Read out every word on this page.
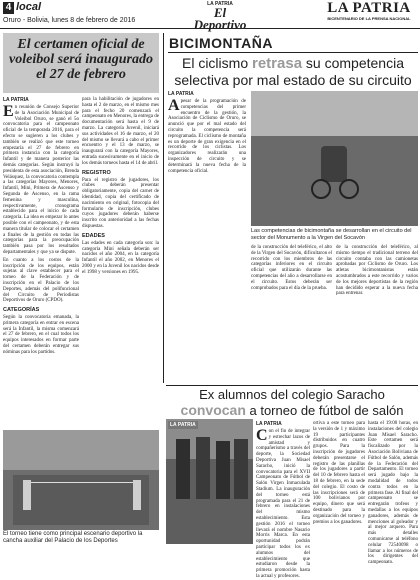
4 local
Oruro - Bolivia, lunes 8 de febrero de 2016
LA PATRIA
El Deportivo
LA PATRIA
BICENTENARIO DE LA PRENSA NACIONAL
El certamen oficial de voleibol será inaugurado el 27 de febrero
LA PATRIA
E n reunión de Consejo Superior de la Asociación Municipal de Voleibol Oruro, se ganó el 5o convocatoria para el campeonato oficial de la temporada 2016, para el efecto se sugieren a los clubes y también se realizó que este torneo empezaría el 27 de febrero en primera instancia con la categoría Infantil y de manera posterior las demás categorías. Según instruyó la presidenta de esta asociación, Brenda Velásquez, la convocatoria contempla a las categorías Mayores, Menores, Infantil, Mini, Primera de Ascenso y Segunda de Ascenso, en la rama femenina y masculina, respectivamente, cronograma establecido para el inicio de cada categoría. La idea es empezar lo antes posible con el campeonato, y de esta manera titular de colocar el certamen a finales de la gestión en todas las categorías para la preocupación también pasa por los resultados departamentales y que ya se dispute.
En cuanto a los costos de la inscripción de los equipos, están sujetas al clave establecer para el torneo de la Federación y de inscripción en el Palacio de los Deportes, además del polifuncional del Circuito de Periodistas Deportivos de Oruro (CPDO).
CATEGORÍAS
Según la convocatoria emanada, la primera categoría en entrar en escena será la Infantil, la misma comenzará el 27 de febrero, en el cual todos los equipos interesados en formar parte del certamen deberán entregar sus nóminas para los partidos.
para la habilitación de jugadores en hasta el 2 de marzo, en el mismo mes para el fecho 20 comenzará el campeonato en Menores, la entrega de documentación será hasta el 9 de marzo. La categoría Juvenil, iniciará sus actividades el 16 de marzo, el 20 del mismo se llevará a cabo el primer encuentro y el 13 de marzo, se inaugurará con la categoría Mayores, entrada sucesivamente en el inicio de los demás torneos hasta el 14 de abril.
REGISTRO
Para el registro de jugadores, los clubes deberán presentar obligatoriamente, copia del carnet de identidad, copia del certificado de nacimiento en original, fotocopia del formulario de inscripción, clubes cuyos jugadores deberán haberse inscrito con anterioridad a las fechas dispuestas.
EDADES
Las edades en cada categoría son: la categoría Mini señala deberán ser nacidos el año 2004, en la categoría Infantil el año 2002, en Menores el 2000 y en la Juvenil los nacidos desde el 1998 y versiones en 1995.
El torneo tiene como principal escenario deportivo la cancha auxiliar del Palacio de los Deportes
BICIMONTAÑA
El ciclismo retrasa su competencia selectiva por mal estado de su circuito
LA PATRIA
A pesar de la programación de competencias del primer encuentro de la gestión, la Asociación de Ciclismo de Oruro, se anunció que por el mal estado del circuito la competencia será reprogramada. El ciclismo de montaña es un deporte de gran exigencia en el recorrido de los ciclistas. Los organizadores realizarán una inspección de circuito y se determinará la nueva fecha de la competencia oficial.
Las competencias de bicimontaña se desarrollan en el circuito del sector del Monumento a la Virgen del Socavón
de la construcción del teleférico, el alto de la Virgen del Socavón, dificultaron el recorrido con los miembros de las categorías inferiores en el circuito oficial que utilizarán durante las competencias del año a desarrollarse en el circuito. Estos deberán ser comprobados para el día de la prueba.
de la construcción del teleférico, al mismo tiempo el tradicional terreno del circuito contaba con las camionetas aprobadas por Ciclismo de Oruro. Los atletas bicimontanistas están acostumbrados a este recorrido y varios de los mejores deportistas de la región han decidido esperar a la nueva fecha para entrenar.
Ex alumnos del colegio Saracho
convocan a torneo de fútbol de salón
LA PATRIA	LA PATRIA
C on el fin de integrar y estrechar lazos de amistad y compañerismo a través del deporte, la Sociedad Deportiva Juan Misael Saracho, inició la convocatoria para el XVII Campeonato de Fútbol de Salón Virgen Inmaculada Stadium. La inauguración del torneo está programada para el 21 de febrero en instalaciones del mismo establecimiento. Esta gestión 2016 el torneo llevará el nombre Nasario Morris Marca. En esta oportunidad podrán participar todos los ex alumnos del establecimiento que estudiaron desde la primera promoción hasta la actual y profesores.
ortiva a este torneo para la versión de 1 y máximo 19 participantes distribuidos en cuatro grupos. Para la inscripción de jugadores deberán presentarse el registro de las planillas de los jugadores a partir del 10 de febrero hasta el 18 de febrero, en la sede del colegio. El costo de las inscripciones será de 100 bolivianos por equipo, dinero que será destinado para la organización del torneo y premios a los ganadores.
hasta el 19:00 horas, en instalaciones del colegio Juan Misael Saracho. Este certamen será fiscalizado por la Asociación Boliviana de Fútbol de Salón, además de la Federación del Departamento. El torneo será jugado bajo la modalidad de todos contra todos en la primera fase. Al final del campeonato se entregarán trofeos y medallas a los equipos ganadores, además de menciones al goleador y al mejor arquero. Para más detalles comunicarse al teléfono celular 72540098 o llamar a los números de los dirigentes del campeonato.
